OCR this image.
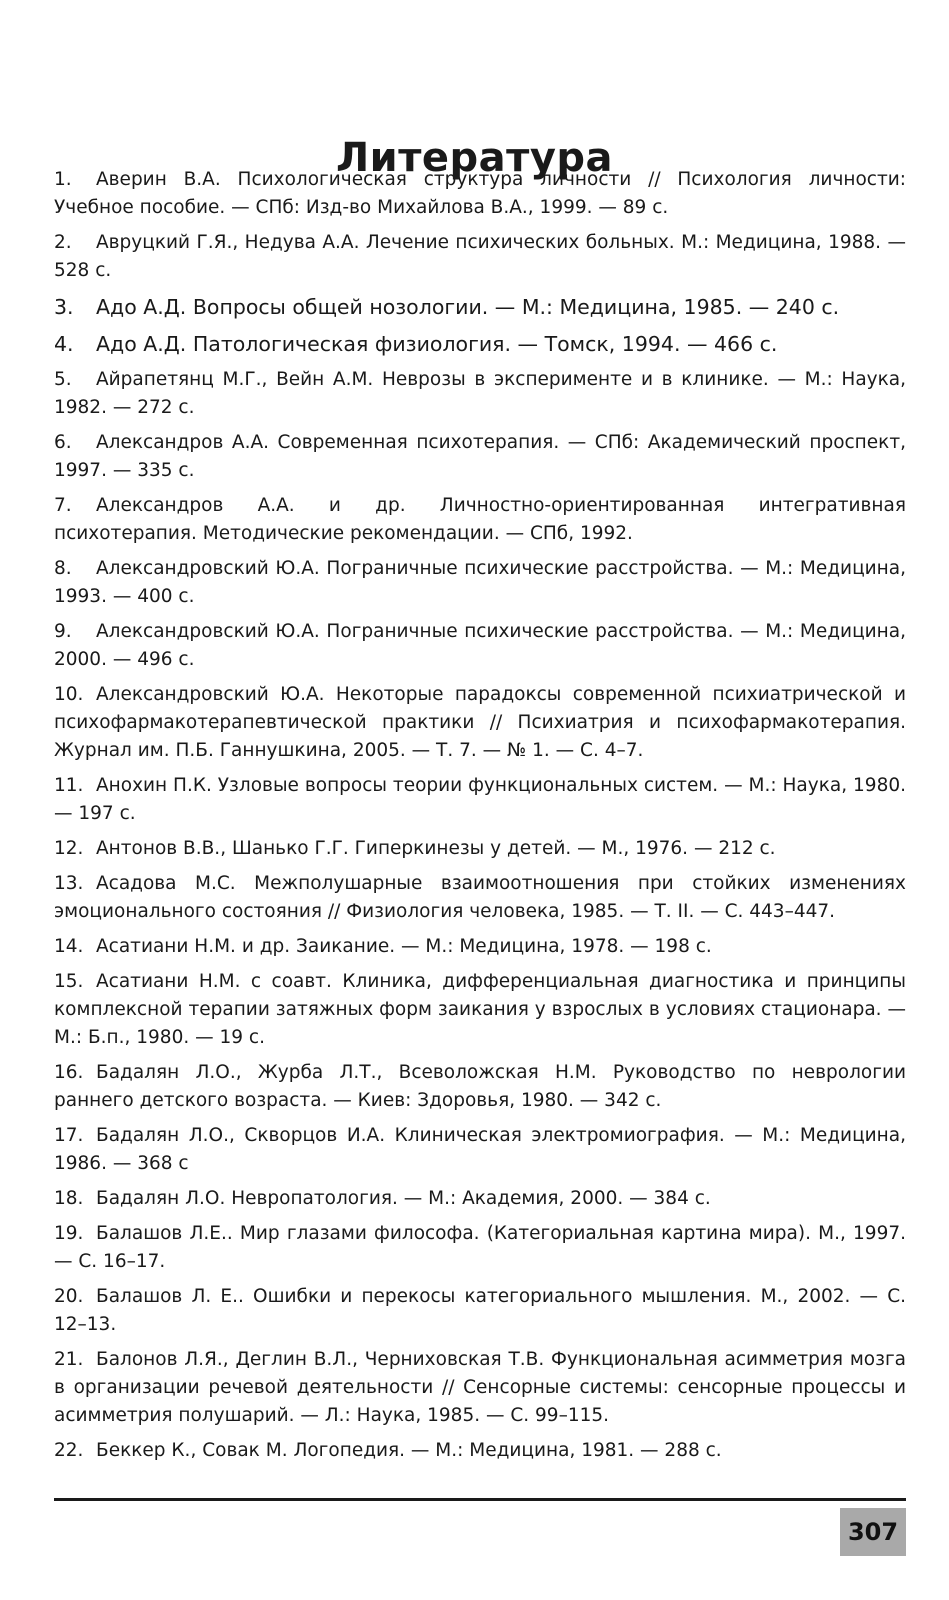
Литература

1. Аверин В.А. Психологическая структура личности // Психология личности: Учебное пособие. — СПб: Изд-во Михайлова В.А., 1999. — 89 с.

2. Авруцкий Г.Я., Недува А.А. Лечение психических больных. М.: Медицина, 1988. — 528 с.

3. Адо А.Д. Вопросы общей нозологии. — М.: Медицина, 1985. — 240 с.

4. Адо А.Д. Патологическая физиология. — Томск, 1994. — 466 с.

5. Айрапетянц М.Г., Вейн А.М. Неврозы в эксперименте и в клинике. — М.: Наука, 1982. — 272 с.

6. Александров А.А. Современная психотерапия. — СПб: Академический проспект, 1997. — 335 с.

7. Александров А.А. и др. Личностно-ориентированная интегративная психотерапия. Методические рекомендации. — СПб, 1992.

8. Александровский Ю.А. Пограничные психические расстройства. — М.: Медицина, 1993. — 400 с.

9. Александровский Ю.А. Пограничные психические расстройства. — М.: Медицина, 2000. — 496 с.

10. Александровский Ю.А. Некоторые парадоксы современной психиатрической и психофармакотерапевтической практики // Психиатрия и психофармакотерапия. Журнал им. П.Б. Ганнушкина, 2005. — Т. 7. — № 1. — С. 4–7.

11. Анохин П.К. Узловые вопросы теории функциональных систем. — М.: Наука, 1980. — 197 с.

12. Антонов В.В., Шанько Г.Г. Гиперкинезы у детей. — М., 1976. — 212 с.

13. Асадова М.С. Межполушарные взаимоотношения при стойких изменениях эмоционального состояния // Физиология человека, 1985. — Т. II. — С. 443–447.

14. Асатиани Н.М. и др. Заикание. — М.: Медицина, 1978. — 198 с.

15. Асатиани Н.М. с соавт. Клиника, дифференциальная диагностика и принципы комплексной терапии затяжных форм заикания у взрослых в условиях стационара. — М.: Б.п., 1980. — 19 с.

16. Бадалян Л.О., Журба Л.Т., Всеволожская Н.М. Руководство по неврологии раннего детского возраста. — Киев: Здоровья, 1980. — 342 с.

17. Бадалян Л.О., Скворцов И.А. Клиническая электромиография. — М.: Медицина, 1986. — 368 с

18. Бадалян Л.О. Невропатология. — М.: Академия, 2000. — 384 с.

19. Балашов Л.Е.. Мир глазами философа. (Категориальная картина мира). М., 1997. — С. 16–17.

20. Балашов Л. Е.. Ошибки и перекосы категориального мышления. М., 2002. — С. 12–13.

21. Балонов Л.Я., Деглин В.Л., Черниховская Т.В. Функциональная асимметрия мозга в организации речевой деятельности // Сенсорные системы: сенсорные процессы и асимметрия полушарий. — Л.: Наука, 1985. — С. 99–115.

22. Беккер К., Совак М. Логопедия. — М.: Медицина, 1981. — 288 с.

307
